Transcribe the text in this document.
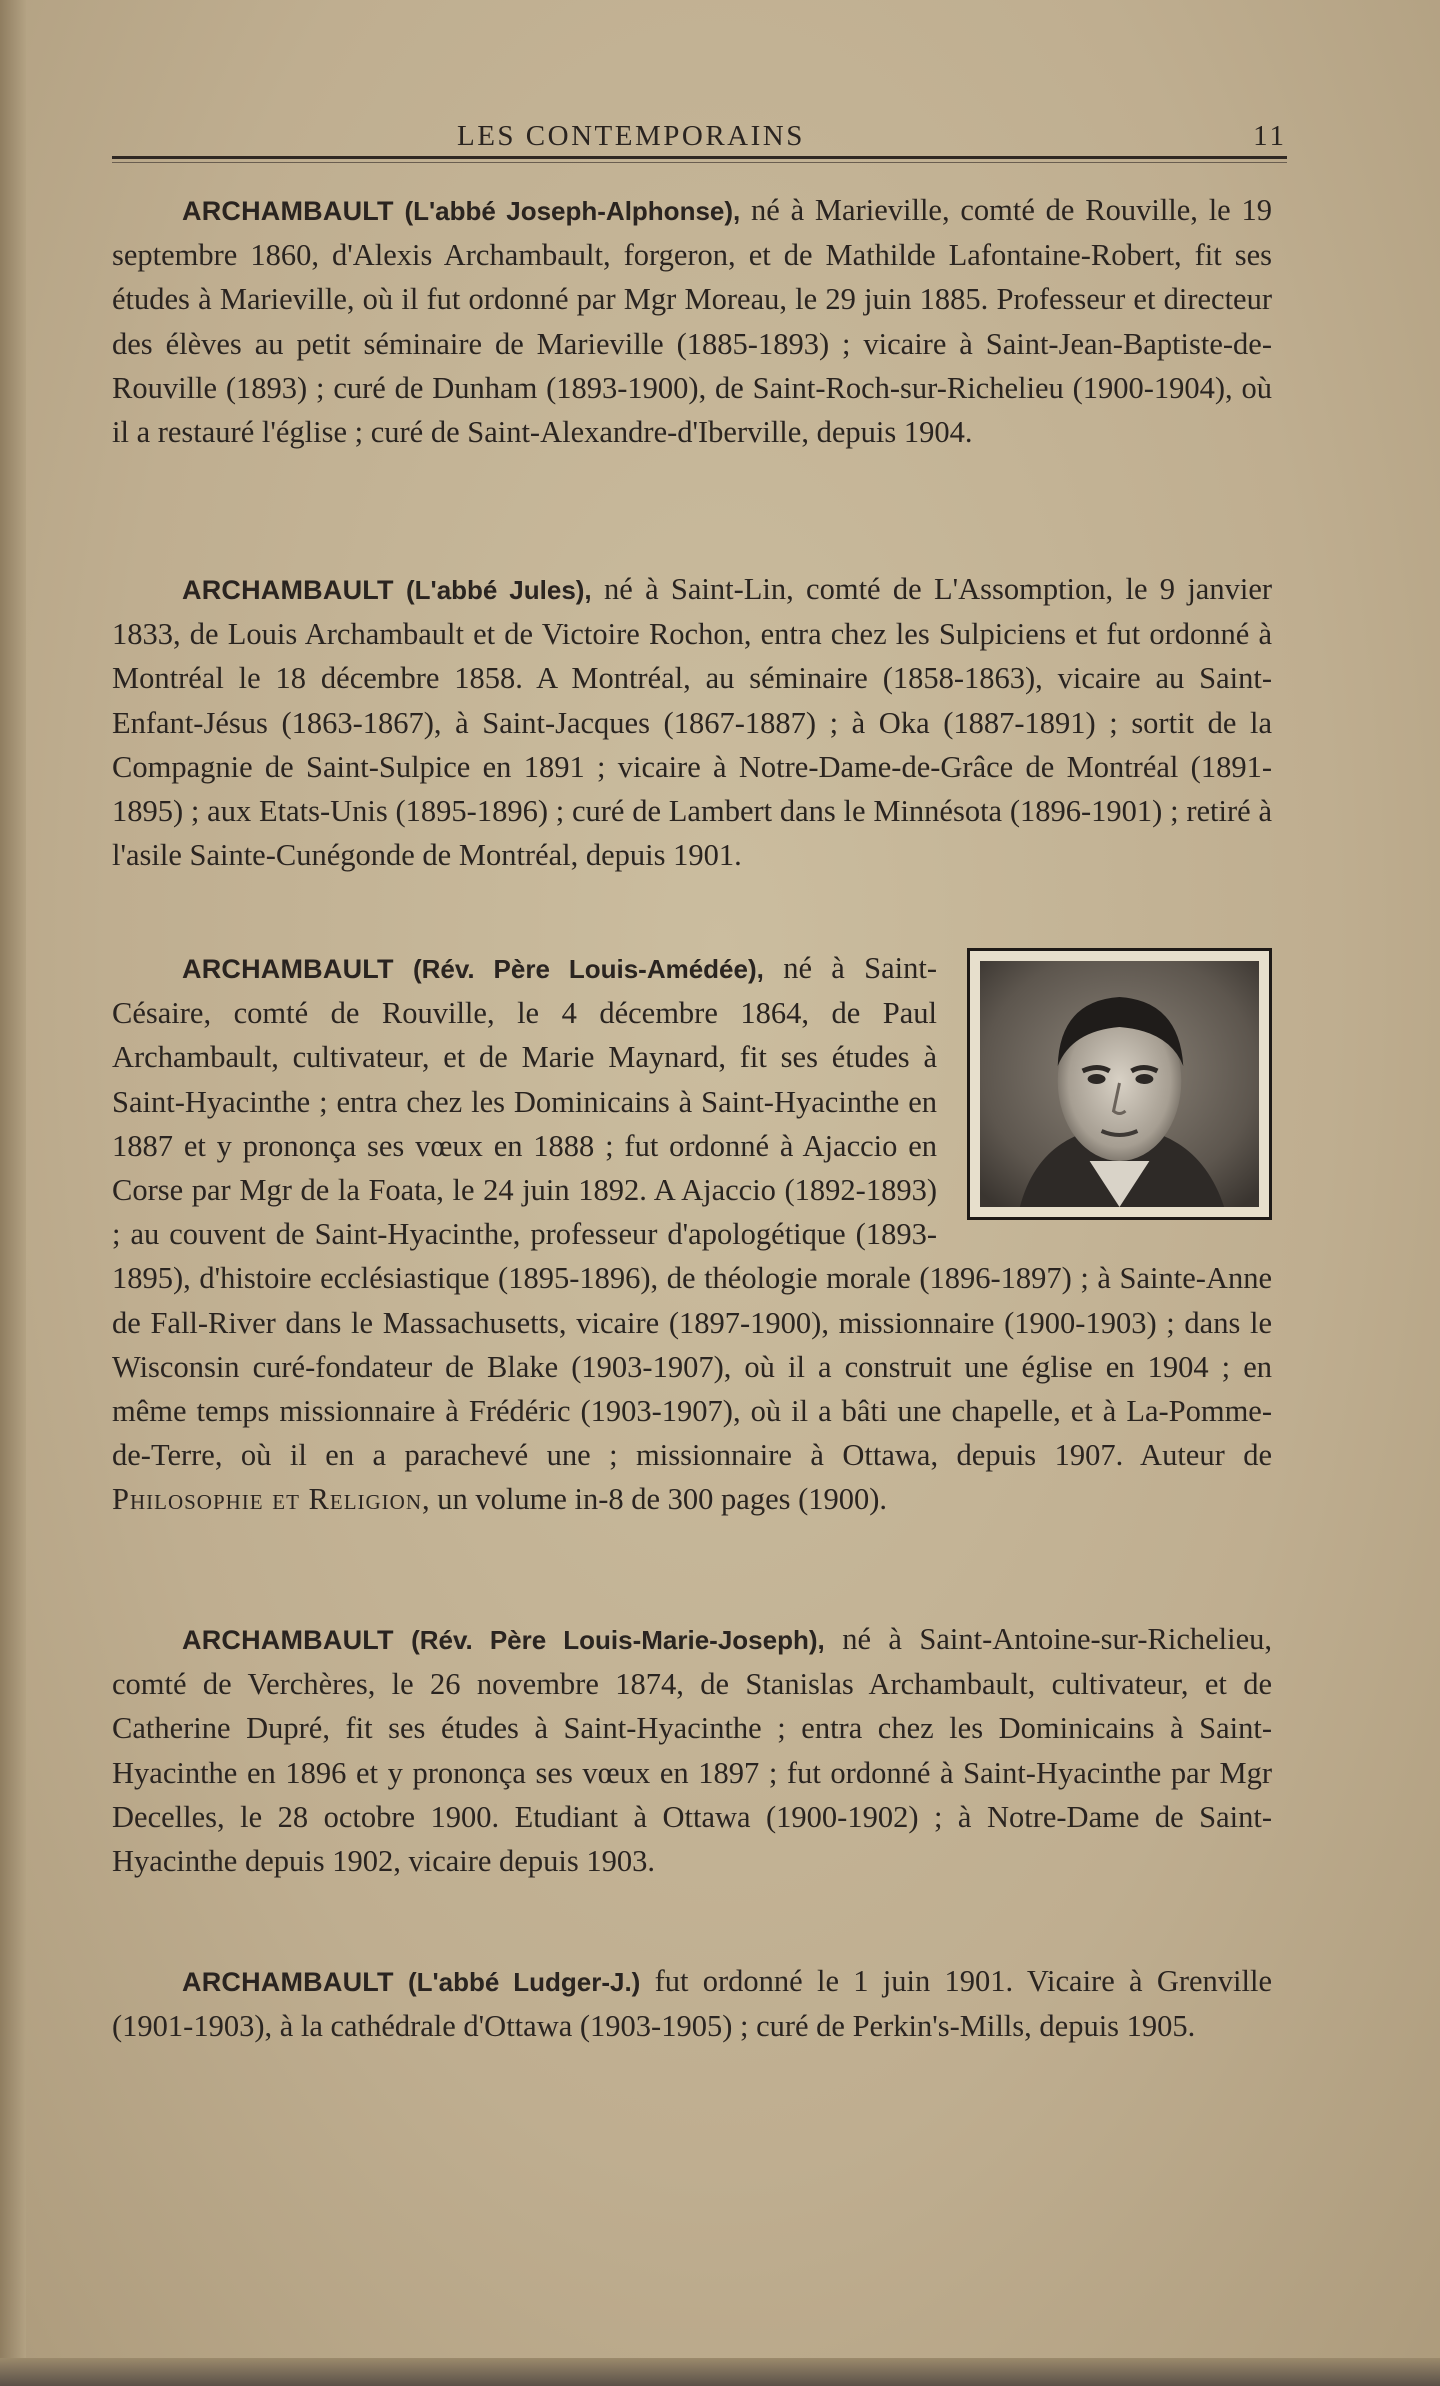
LES CONTEMPORAINS	11
ARCHAMBAULT (L'abbé Joseph-Alphonse), né à Marieville, comté de Rouville, le 19 septembre 1860, d'Alexis Archambault, forgeron, et de Mathilde Lafontaine-Robert, fit ses études à Marieville, où il fut ordonné par Mgr Moreau, le 29 juin 1885. Professeur et directeur des élèves au petit séminaire de Marieville (1885-1893) ; vicaire à Saint-Jean-Baptiste-de-Rouville (1893) ; curé de Dunham (1893-1900), de Saint-Roch-sur-Richelieu (1900-1904), où il a restauré l'église ; curé de Saint-Alexandre-d'Iberville, depuis 1904.
ARCHAMBAULT (L'abbé Jules), né à Saint-Lin, comté de L'Assomption, le 9 janvier 1833, de Louis Archambault et de Victoire Rochon, entra chez les Sulpiciens et fut ordonné à Montréal le 18 décembre 1858. A Montréal, au séminaire (1858-1863), vicaire au Saint-Enfant-Jésus (1863-1867), à Saint-Jacques (1867-1887) ; à Oka (1887-1891) ; sortit de la Compagnie de Saint-Sulpice en 1891 ; vicaire à Notre-Dame-de-Grâce de Montréal (1891-1895) ; aux Etats-Unis (1895-1896) ; curé de Lambert dans le Minnésota (1896-1901) ; retiré à l'asile Sainte-Cunégonde de Montréal, depuis 1901.
ARCHAMBAULT (Rév. Père Louis-Amédée), né à Saint-Césaire, comté de Rouville, le 4 décembre 1864, de Paul Archambault, cultivateur, et de Marie Maynard, fit ses études à Saint-Hyacinthe ; entra chez les Dominicains à Saint-Hyacinthe en 1887 et y prononça ses vœux en 1888 ; fut ordonné à Ajaccio en Corse par Mgr de la Foata, le 24 juin 1892. A Ajaccio (1892-1893) ; au couvent de Saint-Hyacinthe, professeur d'apologétique (1893-1895), d'histoire ecclésiastique (1895-1896), de théologie morale (1896-1897) ; à Sainte-Anne de Fall-River dans le Massachusetts, vicaire (1897-1900), missionnaire (1900-1903) ; dans le Wisconsin curé-fondateur de Blake (1903-1907), où il a construit une église en 1904 ; en même temps missionnaire à Frédéric (1903-1907), où il a bâti une chapelle, et à La-Pomme-de-Terre, où il en a parachevé une ; missionnaire à Ottawa, depuis 1907. Auteur de Philosophie et Religion, un volume in-8 de 300 pages (1900).
ARCHAMBAULT (Rév. Père Louis-Marie-Joseph), né à Saint-Antoine-sur-Richelieu, comté de Verchères, le 26 novembre 1874, de Stanislas Archambault, cultivateur, et de Catherine Dupré, fit ses études à Saint-Hyacinthe ; entra chez les Dominicains à Saint-Hyacinthe en 1896 et y prononça ses vœux en 1897 ; fut ordonné à Saint-Hyacinthe par Mgr Decelles, le 28 octobre 1900. Etudiant à Ottawa (1900-1902) ; à Notre-Dame de Saint-Hyacinthe depuis 1902, vicaire depuis 1903.
ARCHAMBAULT (L'abbé Ludger-J.) fut ordonné le 1 juin 1901. Vicaire à Grenville (1901-1903), à la cathédrale d'Ottawa (1903-1905) ; curé de Perkin's-Mills, depuis 1905.
